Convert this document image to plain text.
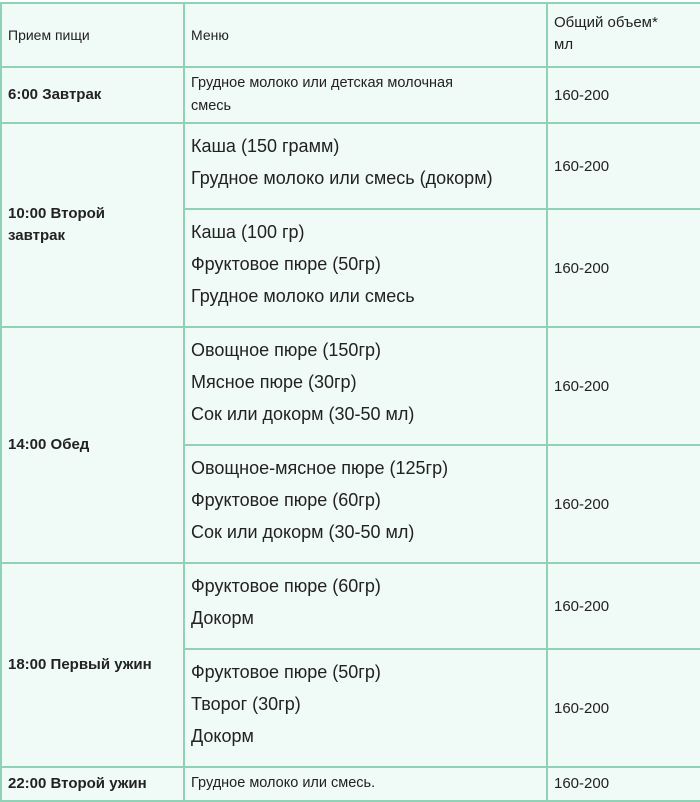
Прием пищи	Меню	Общий объем*
мл
6:00 Завтрак	Грудное молоко или детская молочная
смесь	160-200
10:00 Второй
завтрак	Каша (150 грамм)
Грудное молоко или смесь (докорм)	160-200

	Каша (100 гр)
Фруктовое пюре (50гр)
Грудное молоко или смесь	160-200
14:00 Обед	Овощное пюре (150гр)
Мясное пюре (30гр)
Сок или докорм (30-50 мл)	160-200

	Овощное-мясное пюре (125гр)
Фруктовое пюре (60гр)
Сок или докорм (30-50 мл)	160-200
18:00 Первый ужин	Фруктовое пюре (60гр)
Докорм	160-200

	Фруктовое пюре (50гр)
Творог (30гр)
Докорм	160-200
22:00 Второй ужин	Грудное молоко или смесь.	160-200
